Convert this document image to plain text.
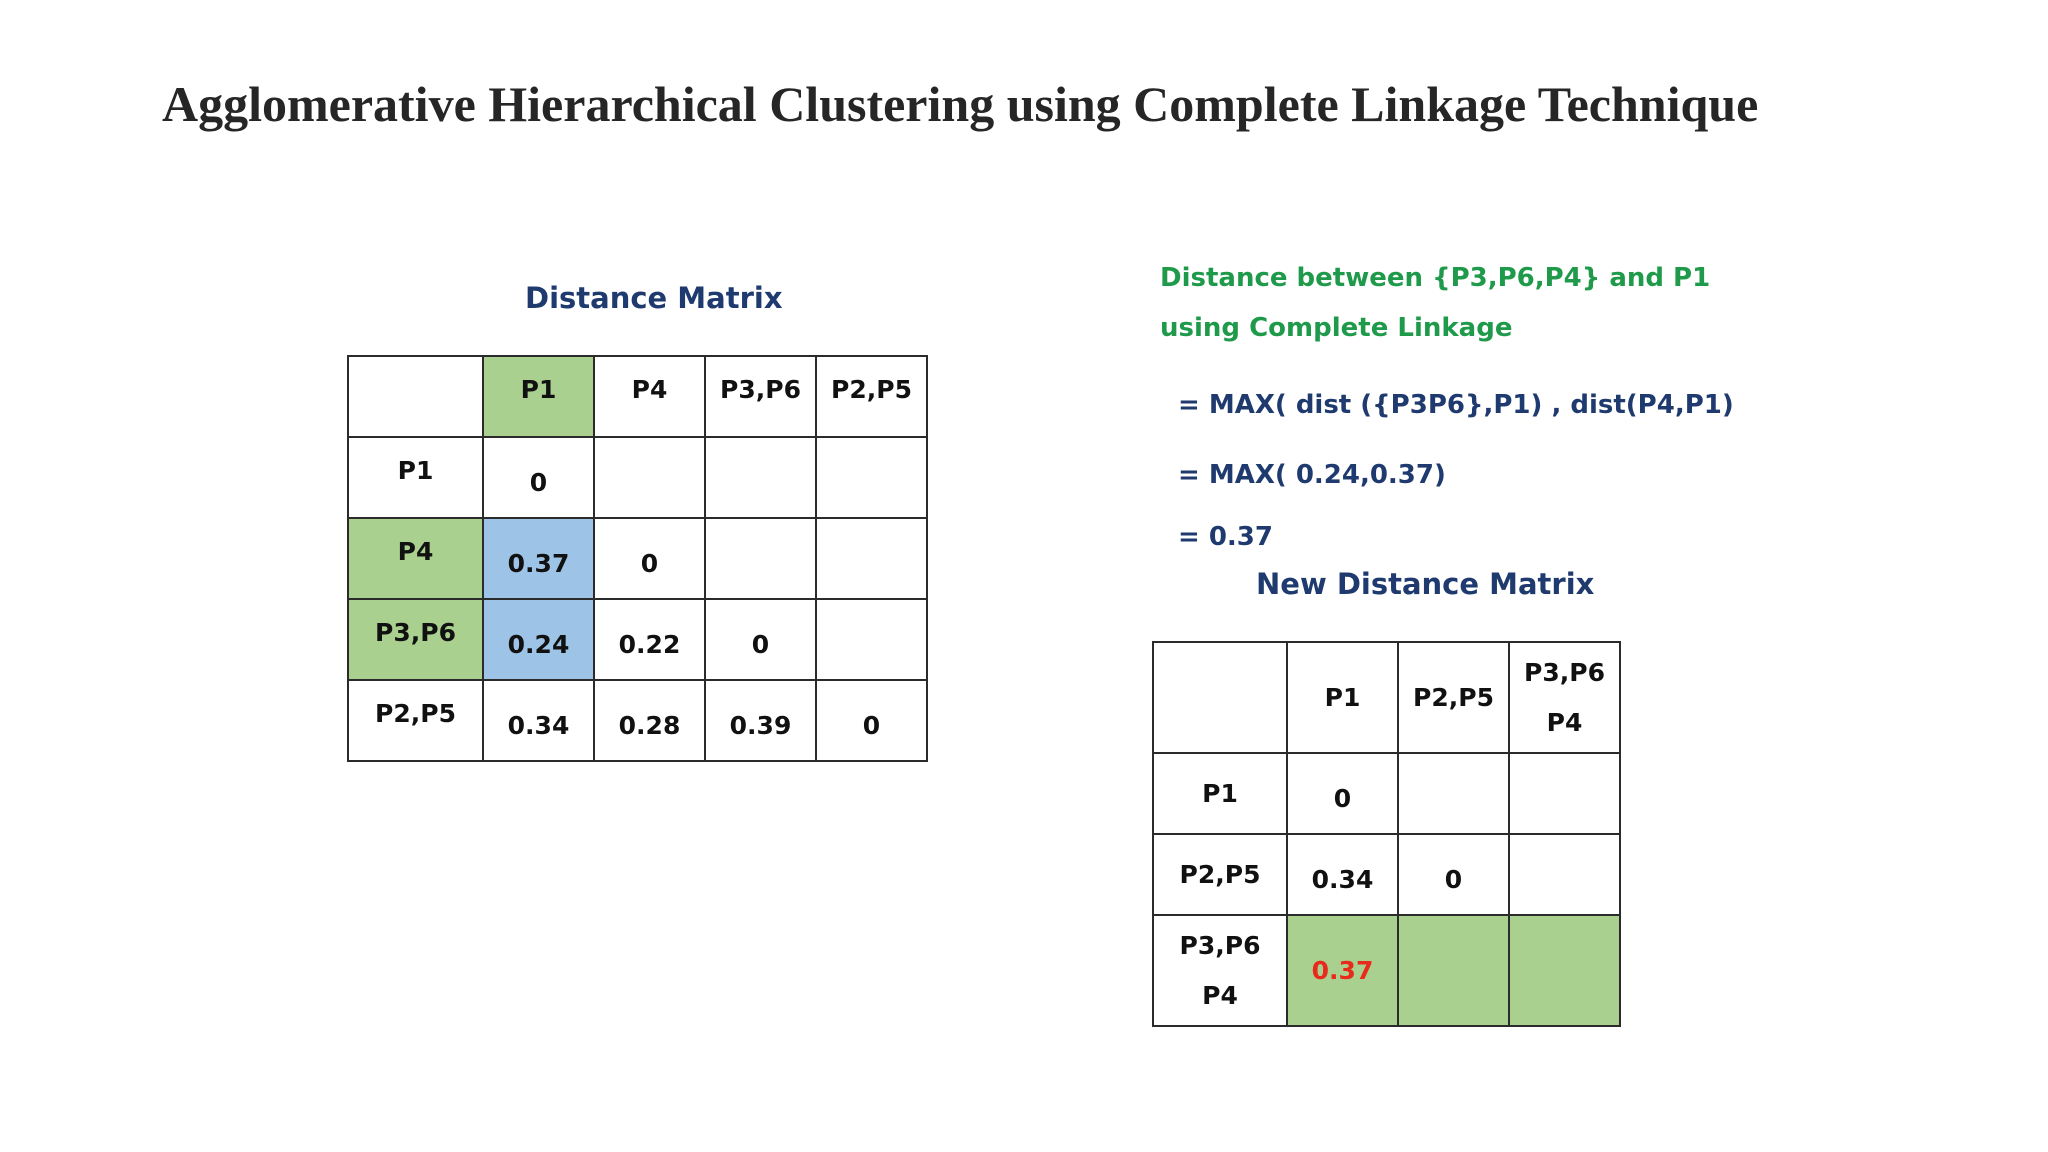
Agglomerative Hierarchical Clustering using Complete Linkage Technique
Distance Matrix
	P1	P4	P3,P6	P2,P5
P1	0			
P4	0.37	0		
P3,P6	0.24	0.22	0	
P2,P5	0.34	0.28	0.39	0
Distance between {P3,P6,P4} and P1
using Complete Linkage
= MAX( dist ({P3P6},P1) , dist(P4,P1)
= MAX( 0.24,0.37)
= 0.37
New Distance Matrix

	P1	P2,P5	P3,P6
P4

P1	0		

P2,P5	0.34	0	

P3,P6
P4	0.37		
